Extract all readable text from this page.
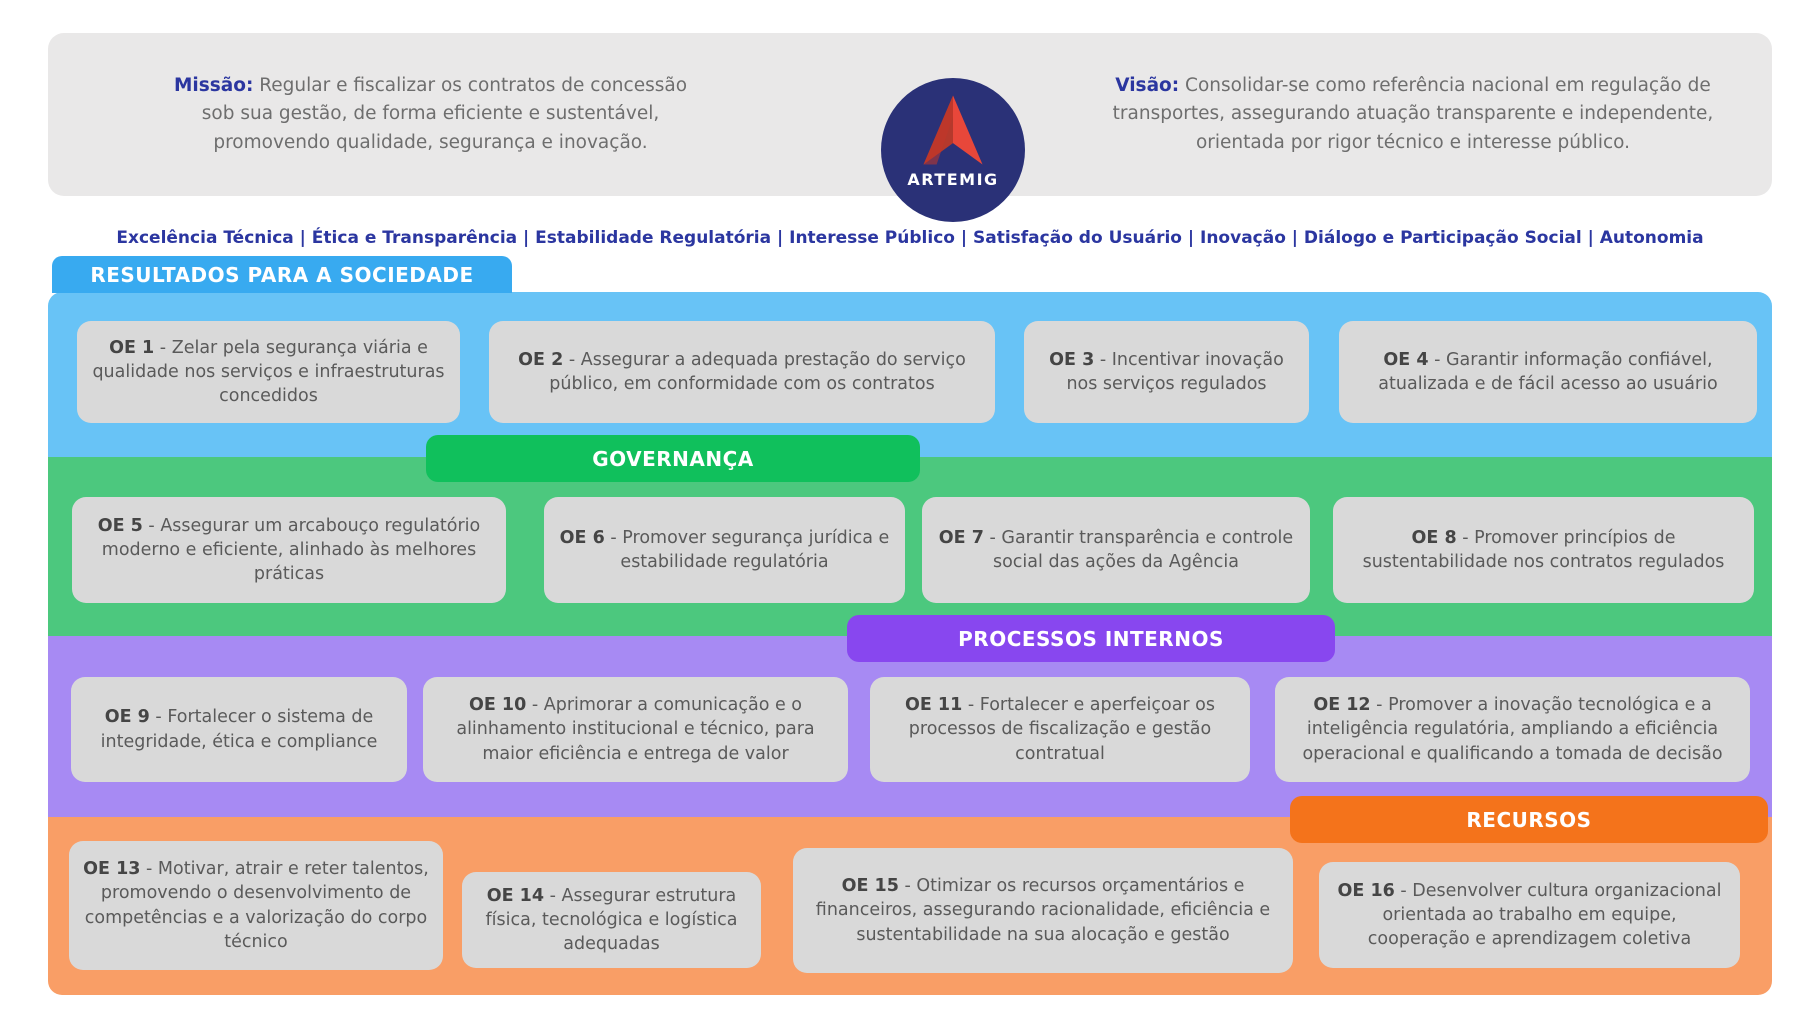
Missão: Regular e fiscalizar os contratos de concessão sob sua gestão, de forma eficiente e sustentável, promovendo qualidade, segurança e inovação.
ARTEMIG
Visão: Consolidar-se como referência nacional em regulação de transportes, assegurando atuação transparente e independente, orientada por rigor técnico e interesse público.
Excelência Técnica | Ética e Transparência | Estabilidade Regulatória | Interesse Público | Satisfação do Usuário | Inovação | Diálogo e Participação Social | Autonomia
RESULTADOS PARA A SOCIEDADE
GOVERNANÇA
PROCESSOS INTERNOS
RECURSOS
OE 1 - Zelar pela segurança viária e qualidade nos serviços e infraestruturas concedidos
OE 2 - Assegurar a adequada prestação do serviço público, em conformidade com os contratos
OE 3 - Incentivar inovação nos serviços regulados
OE 4 - Garantir informação confiável, atualizada e de fácil acesso ao usuário
OE 5 - Assegurar um arcabouço regulatório moderno e eficiente, alinhado às melhores práticas
OE 6 - Promover segurança jurídica e estabilidade regulatória
OE 7 - Garantir transparência e controle social das ações da Agência
OE 8 - Promover princípios de sustentabilidade nos contratos regulados
OE 9 - Fortalecer o sistema de integridade, ética e compliance
OE 10 - Aprimorar a comunicação e o alinhamento institucional e técnico, para maior eficiência e entrega de valor
OE 11 - Fortalecer e aperfeiçoar os processos de fiscalização e gestão contratual
OE 12 - Promover a inovação tecnológica e a inteligência regulatória, ampliando a eficiência operacional e qualificando a tomada de decisão
OE 13 - Motivar, atrair e reter talentos, promovendo o desenvolvimento de competências e a valorização do corpo técnico
OE 14 - Assegurar estrutura física, tecnológica e logística adequadas
OE 15 - Otimizar os recursos orçamentários e financeiros, assegurando racionalidade, eficiência e sustentabilidade na sua alocação e gestão
OE 16 - Desenvolver cultura organizacional orientada ao trabalho em equipe, cooperação e aprendizagem coletiva
